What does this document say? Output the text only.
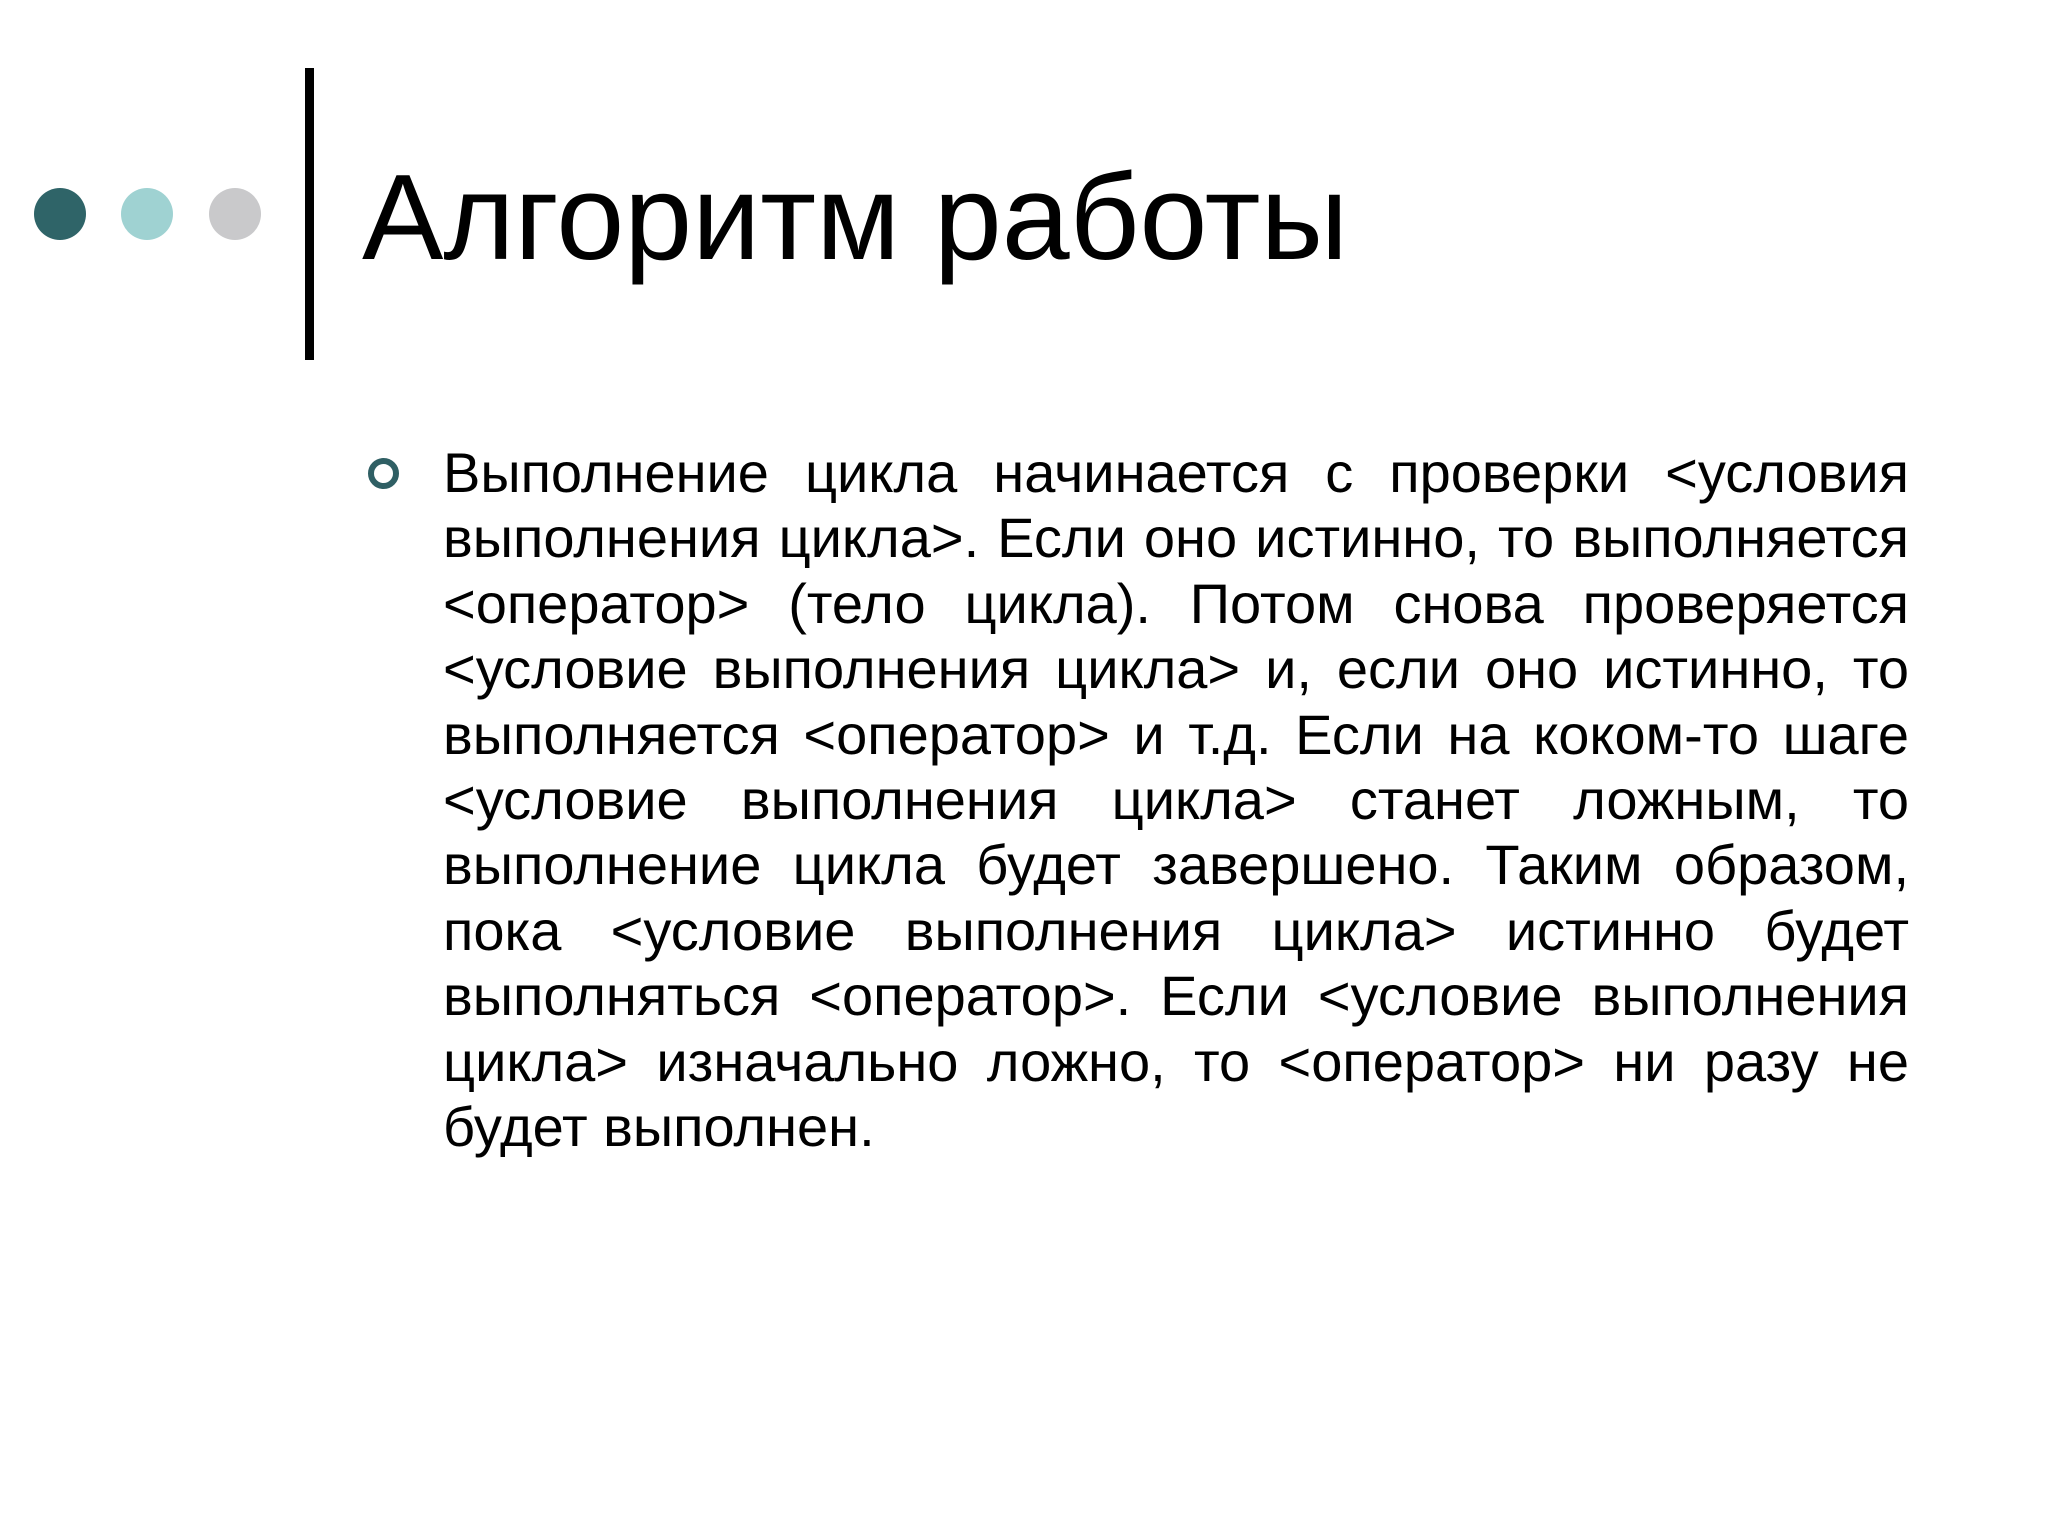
Алгоритм работы
Выполнение цикла начинается с проверки <условия выполнения цикла>. Если оно истинно, то выполняется <оператор> (тело цикла). Потом снова проверяется <условие выполнения цикла> и, если оно истинно, то выполняется <оператор> и т.д. Если на коком-то шаге <условие выполнения цикла> станет ложным, то выполнение цикла будет завершено. Таким образом, пока <условие выполнения цикла> истинно будет выполняться <оператор>. Если <условие выполнения цикла> изначально ложно, то <оператор> ни разу не будет выполнен.
